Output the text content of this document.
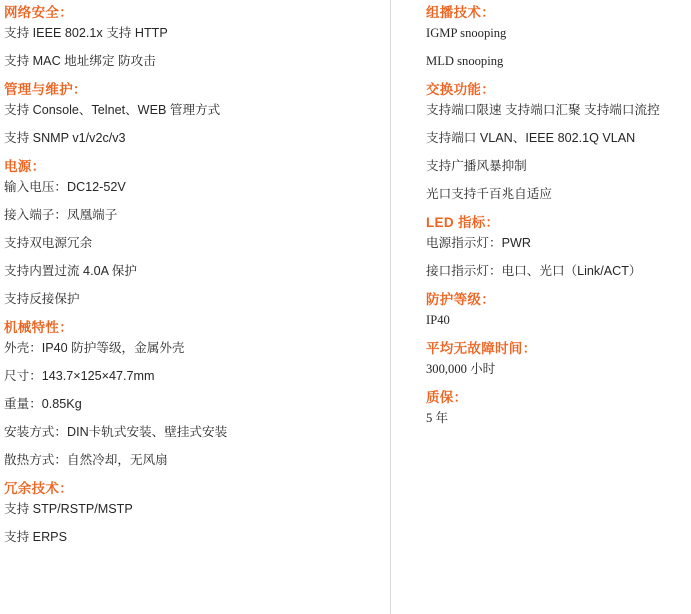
网络安全：
支持 IEEE 802.1x 支持 HTTP
支持 MAC 地址绑定 防攻击
管理与维护：
支持 Console、Telnet、WEB 管理方式
支持 SNMP v1/v2c/v3
电源：
输入电压：DC12-52V
接入端子：凤凰端子
支持双电源冗余
支持内置过流 4.0A 保护
支持反接保护
机械特性：
外壳：IP40 防护等级，金属外壳
尺寸：143.7×125×47.7mm
重量：0.85Kg
安装方式：DIN卡轨式安装、壁挂式安装
散热方式：自然冷却，无风扇
冗余技术：
支持 STP/RSTP/MSTP
支持 ERPS
组播技术：
IGMP snooping
MLD snooping
交换功能：
支持端口限速 支持端口汇聚 支持端口流控
支持端口 VLAN、IEEE 802.1Q VLAN
支持广播风暴抑制
光口支持千百兆自适应
LED 指标：
电源指示灯：PWR
接口指示灯：电口、光口（Link/ACT）
防护等级：
IP40
平均无故障时间：
300,000 小时
质保：
5 年
